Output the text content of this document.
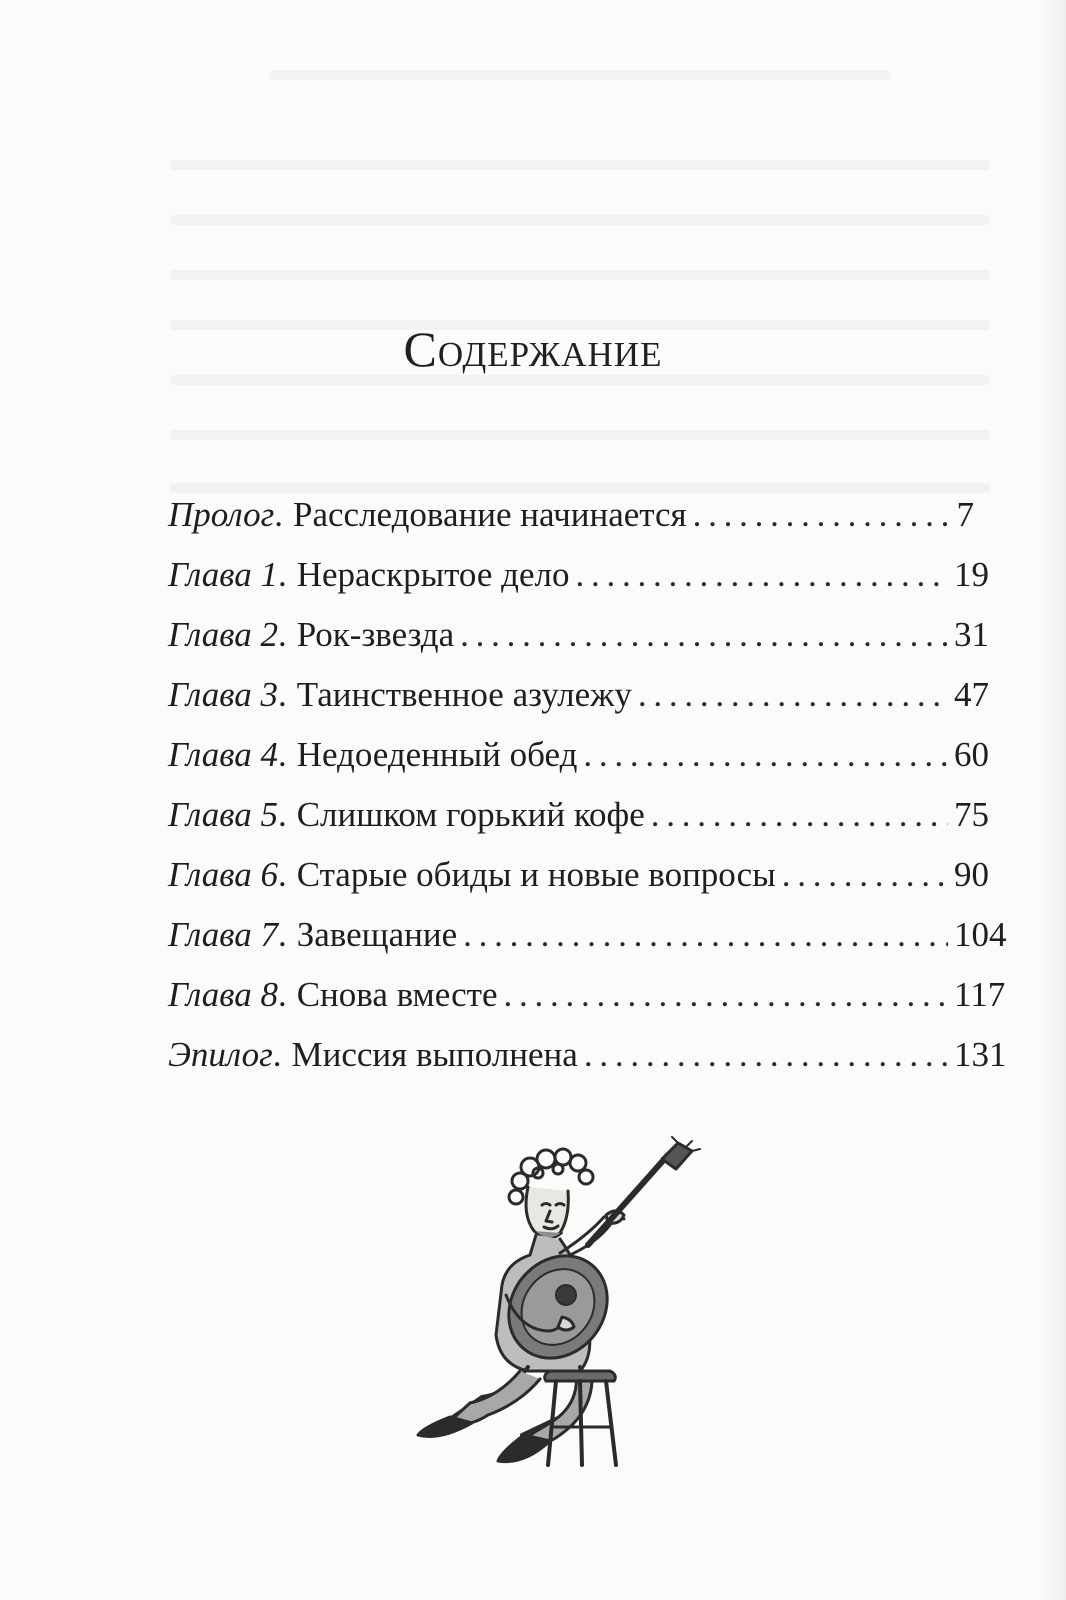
Содержание
Пролог . Расследование начинается . . .	7
Глава 1 . Нераскрытое дело . . .	19
Глава 2 . Рок-звезда . . .	31
Глава 3 . Таинственное азулежу . . .	47
Глава 4 . Недоеденный обед . . .	60
Глава 5 . Слишком горький кофе . . .	75
Глава 6 . Старые обиды и новые вопросы . . .	90
Глава 7 . Завещание . . .	104
Глава 8 . Снова вместе . . .	117
Эпилог . Миссия выполнена . . .	131
